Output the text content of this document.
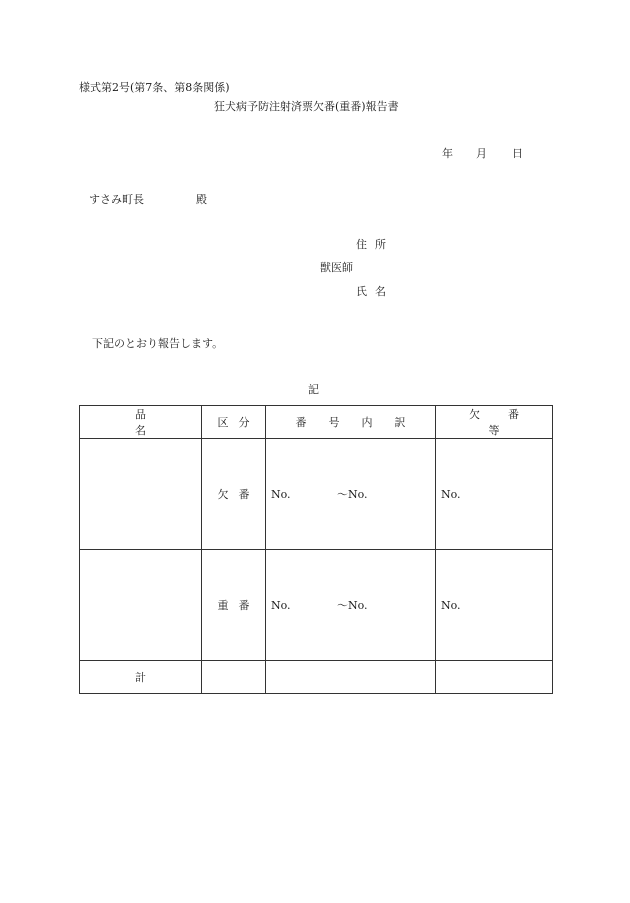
様式第2号(第7条、第8条関係)
狂犬病予防注射済票欠番(重番)報告書
年 月 日
すさみ町長	殿
住所
獣医師
氏名
下記のとおり報告します。
記
品名	区分	番号内訳	欠番等
	欠番	No. 〜No.	No.
	重番	No. 〜No.	No.
計			
